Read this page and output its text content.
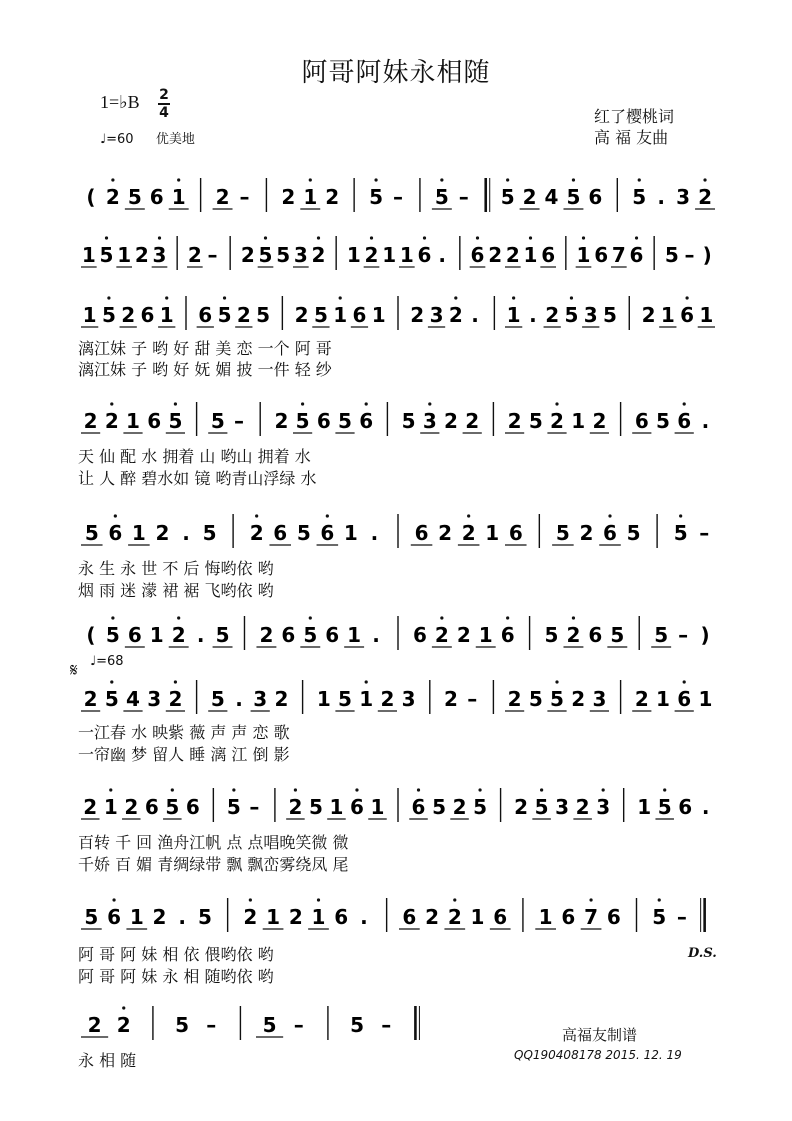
阿哥阿妹永相随
1=♭B 2
4
♩=60 优美地
红了樱桃词
高 福 友曲
( 2 5 6 1 2 – 2 1 2 5 – 5 – 5 2 4 5 6 5 . 3 2
1 5 1 2 3 2 – 2 5 5 3 2 1 2 1 1 6 . 6 2 2 1 6 1 6 7 6 5 – )
1 5 2 6 1 6 5 2 5 2 5 1 6 1 2 3 2 . 1 . 2 5 3 5 2 1 6 1
漓江妹 子 哟 好 甜 美 恋 一个 阿 哥
漓江妹 子 哟 好 妩 媚 披 一件 轻 纱
2 2 1 6 5 5 – 2 5 6 5 6 5 3 2 2 2 5 2 1 2 6 5 6 .
天 仙 配 水 拥着 山 哟山 拥着 水
让 人 醉 碧水如 镜 哟青山浮绿 水
5 6 1 2 . 5 2 6 5 6 1 . 6 2 2 1 6 5 2 6 5 5 –
永 生 永 世 不 后 悔哟依 哟
烟 雨 迷 濛 裙 裾 飞哟依 哟
( 5 6 1 2 . 5 2 6 5 6 1 . 6 2 2 1 6 5 2 6 5 5 – )
𝄋 ♩=68
2 5 4 3 2 5 . 3 2 1 5 1 2 3 2 – 2 5 5 2 3 2 1 6 1
一江春 水 映紫 薇 声 声 恋 歌
一帘幽 梦 留人 睡 漓 江 倒 影
2 1 2 6 5 6 5 – 2 5 1 6 1 6 5 2 5 2 5 3 2 3 1 5 6 .
百转 千 回 渔舟江帆 点 点唱晚笑微 微
千娇 百 媚 青绸绿带 飘 飘峦雾绕凤 尾
5 6 1 2 . 5 2 1 2 1 6 . 6 2 2 1 6 1 6 7 6 5 –
阿 哥 阿 妹 相 依 偎哟依 哟
阿 哥 阿 妹 永 相 随哟依 哟
D.S.
2 2 5 – 5 – 5 –
永 相 随
高福友制谱
QQ190408178 2015. 12. 19
